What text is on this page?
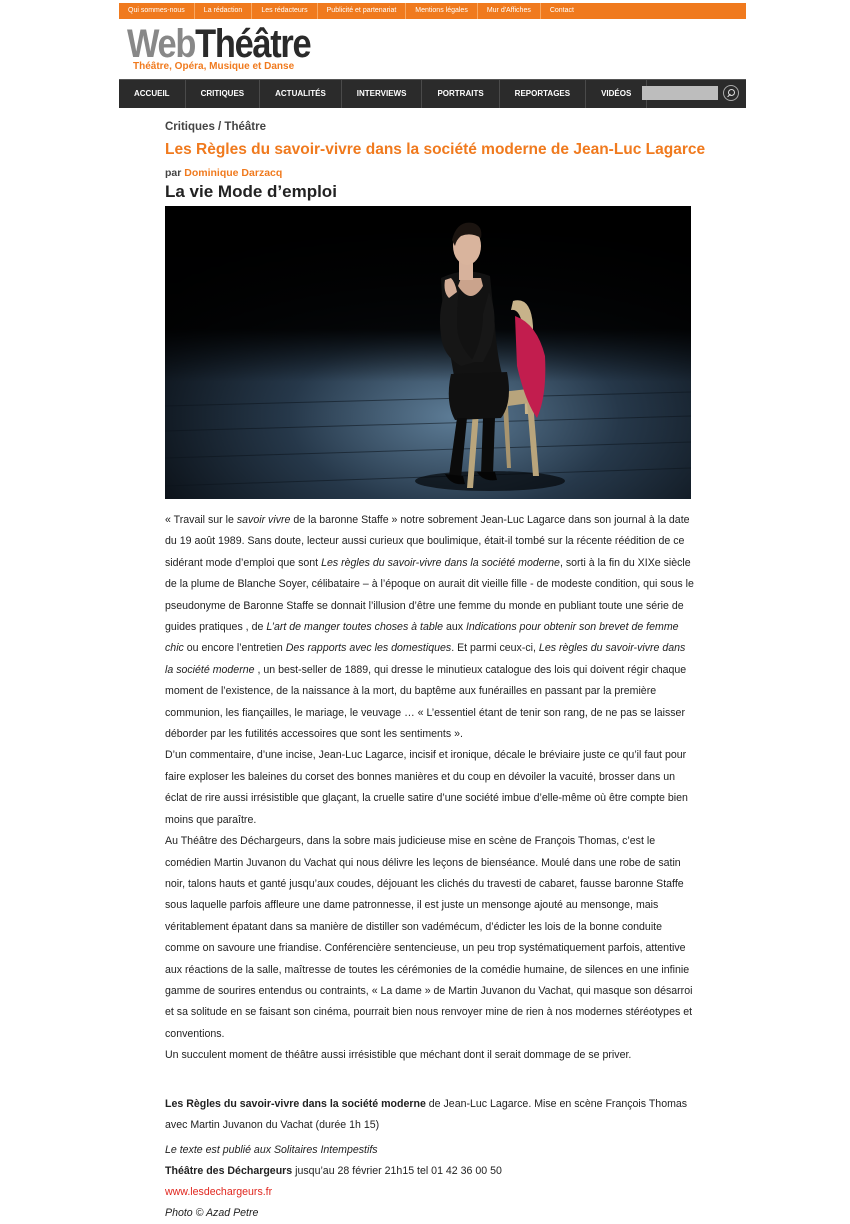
Qui sommes-nous	La rédaction	Les rédacteurs	Publicité et partenariat	Mentions légales	Mur d'Affiches	Contact
WebThéâtre
Théâtre, Opéra, Musique et Danse
ACCUEIL	CRITIQUES	ACTUALITÉS	INTERVIEWS	PORTRAITS	REPORTAGES	VIDÉOS

Critiques / Théâtre

Les Règles du savoir-vivre dans la société moderne de Jean-Luc Lagarce

par Dominique Darzacq

La vie Mode d’emploi

« Travail sur le savoir vivre de la baronne Staffe » notre sobrement Jean-Luc Lagarce dans son journal à la date du 19 août 1989. Sans doute, lecteur aussi curieux que boulimique, était-il tombé sur la récente réédition de ce sidérant mode d’emploi que sont Les règles du savoir-vivre dans la société moderne, sorti à la fin du XIXe siècle de la plume de Blanche Soyer, célibataire – à l’époque on aurait dit vieille fille - de modeste condition, qui sous le pseudonyme de Baronne Staffe se donnait l’illusion d’être une femme du monde en publiant toute une série de guides pratiques , de L’art de manger toutes choses à table aux Indications pour obtenir son brevet de femme chic ou encore l’entretien Des rapports avec les domestiques. Et parmi ceux-ci, Les règles du savoir-vivre dans la société moderne , un best-seller de 1889, qui dresse le minutieux catalogue des lois qui doivent régir chaque moment de l’existence, de la naissance à la mort, du baptême aux funérailles en passant par la première communion, les fiançailles, le mariage, le veuvage … « L’essentiel étant de tenir son rang, de ne pas se laisser déborder par les futilités accessoires que sont les sentiments ».

D’un commentaire, d’une incise, Jean-Luc Lagarce, incisif et ironique, décale le bréviaire juste ce qu’il faut pour faire exploser les baleines du corset des bonnes manières et du coup en dévoiler la vacuité, brosser dans un éclat de rire aussi irrésistible que glaçant, la cruelle satire d’une société imbue d’elle-même où être compte bien moins que paraître.

Au Théâtre des Déchargeurs, dans la sobre mais judicieuse mise en scène de François Thomas, c’est le comédien Martin Juvanon du Vachat qui nous délivre les leçons de bienséance. Moulé dans une robe de satin noir, talons hauts et ganté jusqu’aux coudes, déjouant les clichés du travesti de cabaret, fausse baronne Staffe sous laquelle parfois affleure une dame patronnesse, il est juste un mensonge ajouté au mensonge, mais véritablement épatant dans sa manière de distiller son vadémécum, d’édicter les lois de la bonne conduite comme on savoure une friandise. Conférencière sentencieuse, un peu trop systématiquement parfois, attentive aux réactions de la salle, maîtresse de toutes les cérémonies de la comédie humaine, de silences en une infinie gamme de sourires entendus ou contraints, « La dame » de Martin Juvanon du Vachat, qui masque son désarroi et sa solitude en se faisant son cinéma, pourrait bien nous renvoyer mine de rien à nos modernes stéréotypes et conventions.

Un succulent moment de théâtre aussi irrésistible que méchant dont il serait dommage de se priver.

Les Règles du savoir-vivre dans la société moderne de Jean-Luc Lagarce. Mise en scène François Thomas avec Martin Juvanon du Vachat (durée 1h 15)

Le texte est publié aux Solitaires Intempestifs

Théâtre des Déchargeurs jusqu’au 28 février 21h15 tel 01 42 36 00 50

www.lesdechargeurs.fr

Photo © Azad Petre
